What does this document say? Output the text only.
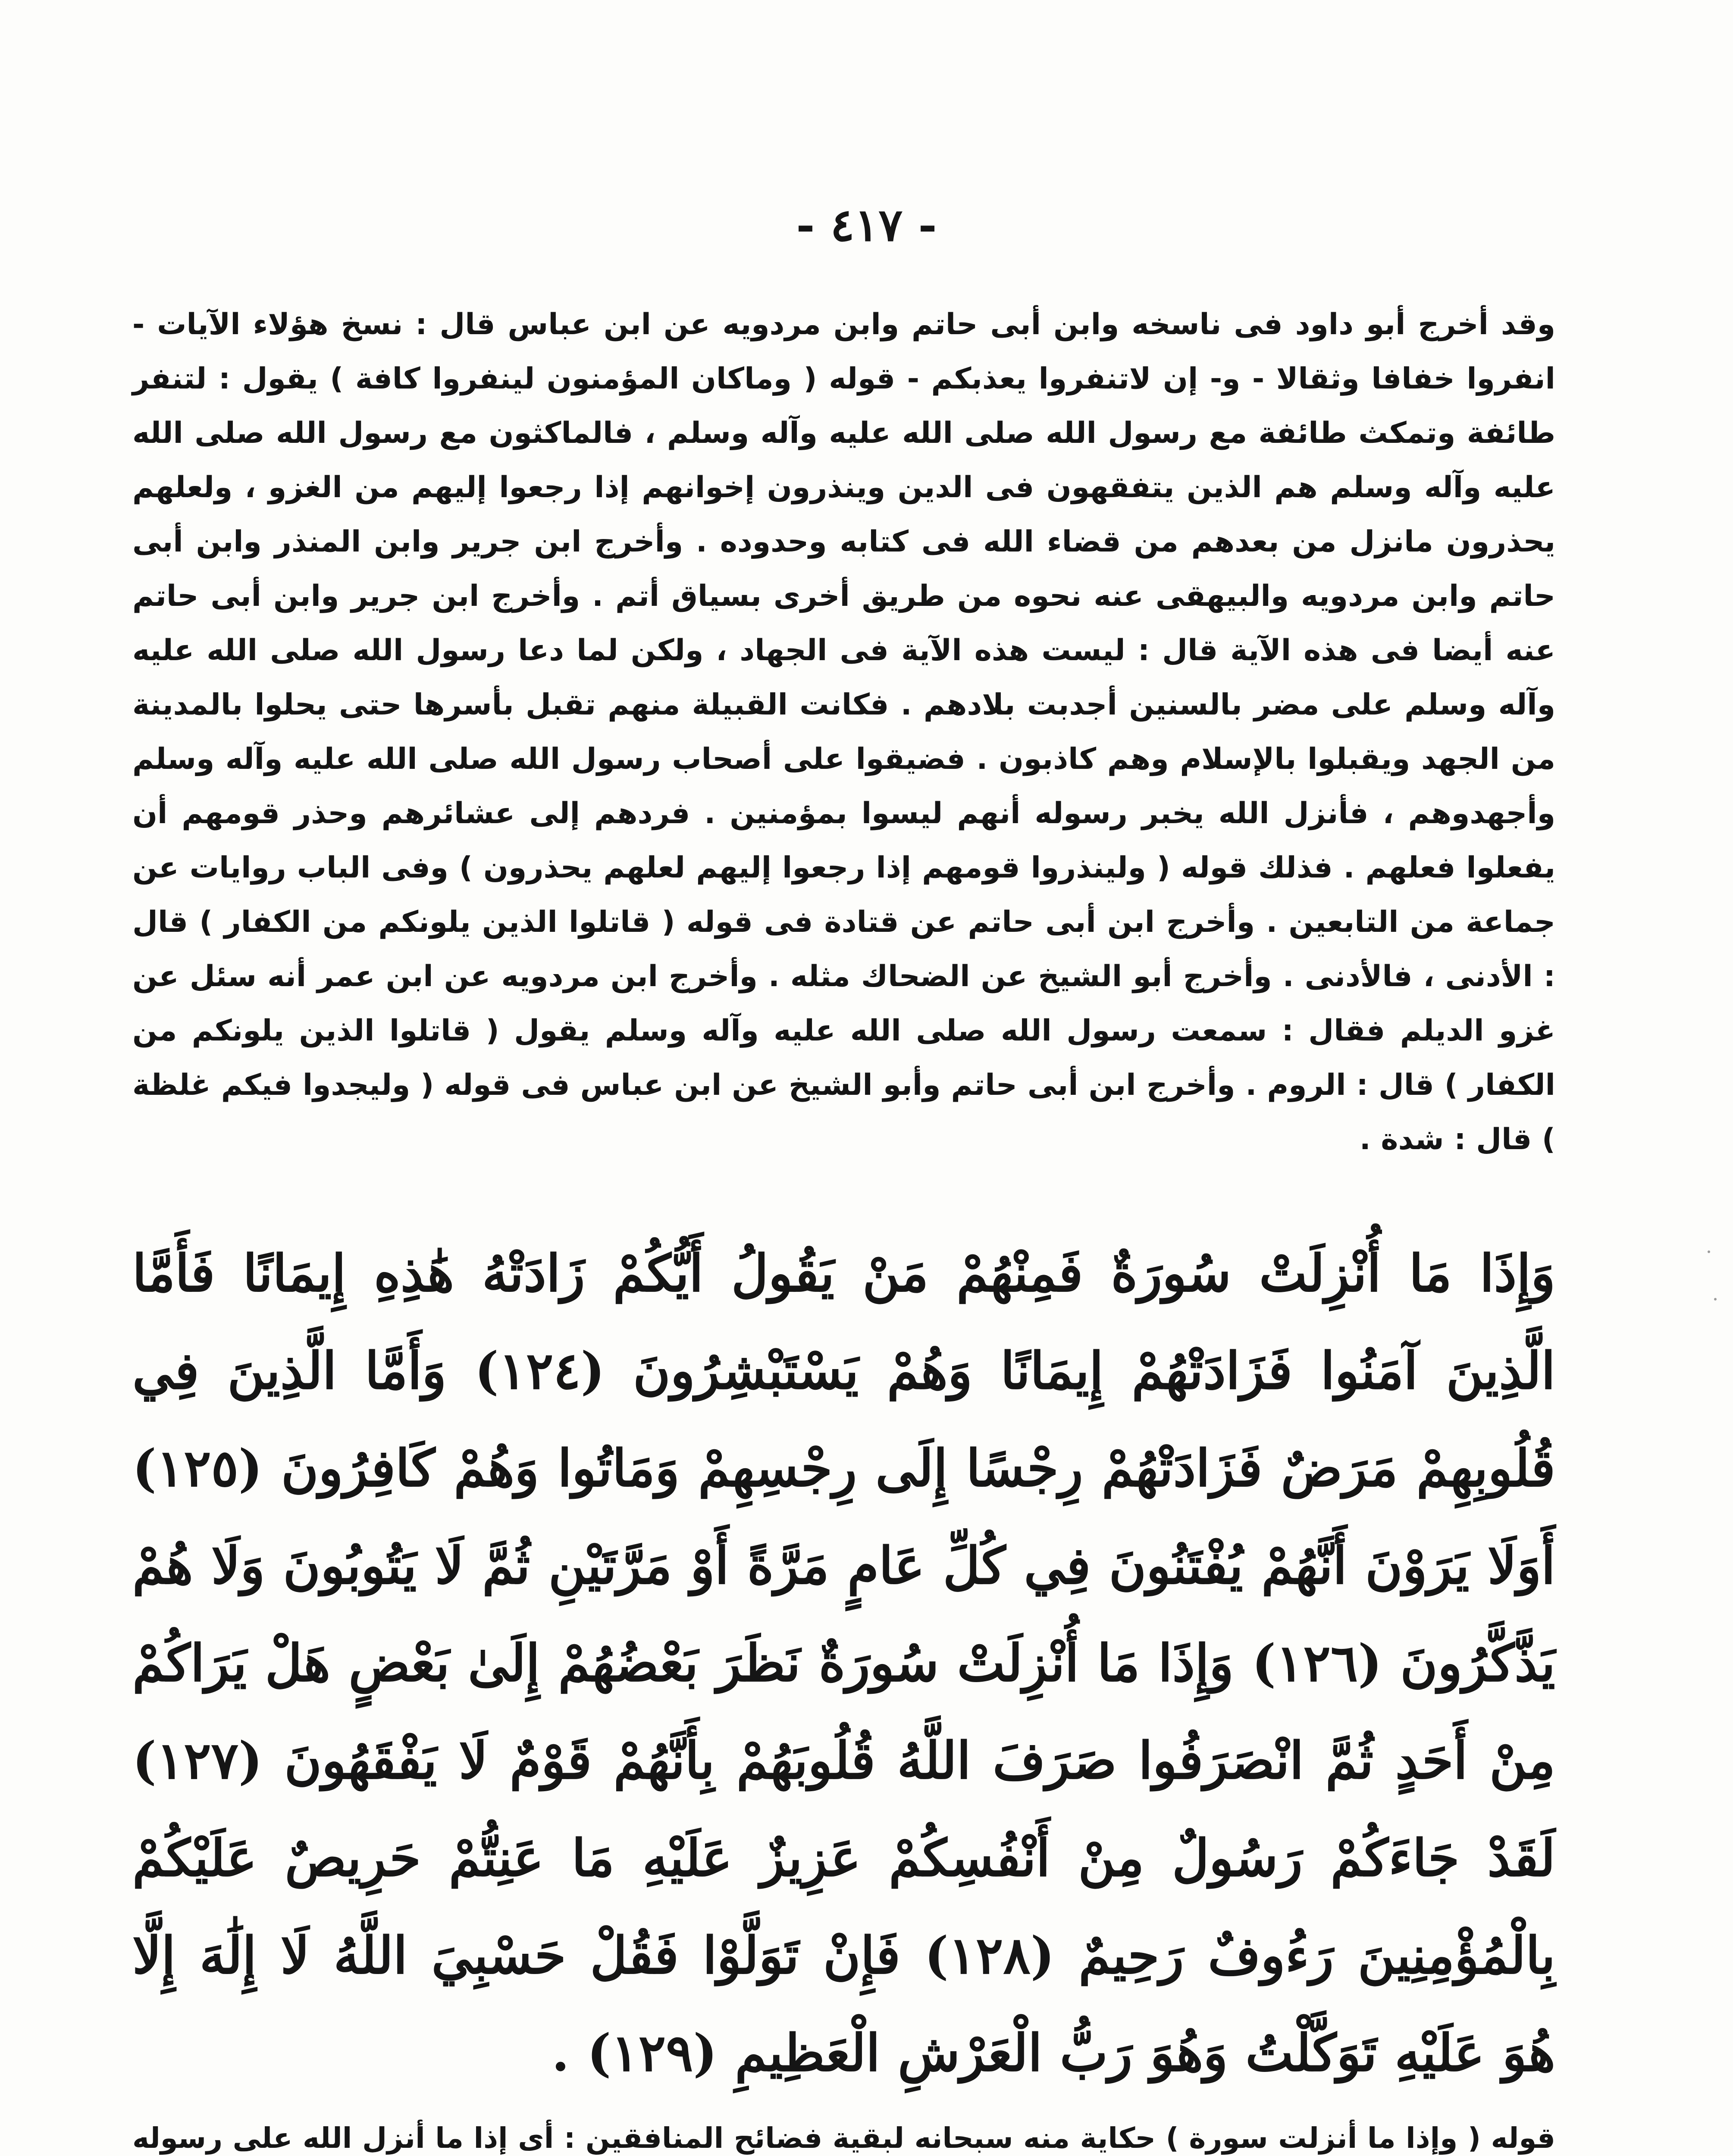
- ٤١٧ -

وقد أخرج أبو داود فى ناسخه وابن أبى حاتم وابن مردويه عن ابن عباس قال : نسخ هؤلاء الآيات - انفروا خفافا وثقالا - و- إن لاتنفروا يعذبكم - قوله ( وماكان المؤمنون لينفروا كافة ) يقول : لتنفر طائفة وتمكث طائفة مع رسول الله صلى الله عليه وآله وسلم ، فالماكثون مع رسول الله صلى الله عليه وآله وسلم هم الذين يتفقهون فى الدين وينذرون إخوانهم إذا رجعوا إليهم من الغزو ، ولعلهم يحذرون مانزل من بعدهم من قضاء الله فى كتابه وحدوده . وأخرج ابن جرير وابن المنذر وابن أبى حاتم وابن مردويه والبيهقى عنه نحوه من طريق أخرى بسياق أتم . وأخرج ابن جرير وابن أبى حاتم عنه أيضا فى هذه الآية قال : ليست هذه الآية فى الجهاد ، ولكن لما دعا رسول الله صلى الله عليه وآله وسلم على مضر بالسنين أجدبت بلادهم . فكانت القبيلة منهم تقبل بأسرها حتى يحلوا بالمدينة من الجهد ويقبلوا بالإسلام وهم كاذبون . فضيقوا على أصحاب رسول الله صلى الله عليه وآله وسلم وأجهدوهم ، فأنزل الله يخبر رسوله أنهم ليسوا بمؤمنين . فردهم إلى عشائرهم وحذر قومهم أن يفعلوا فعلهم . فذلك قوله ( ولينذروا قومهم إذا رجعوا إليهم لعلهم يحذرون ) وفى الباب روايات عن جماعة من التابعين . وأخرج ابن أبى حاتم عن قتادة فى قوله ( قاتلوا الذين يلونكم من الكفار ) قال : الأدنى ، فالأدنى . وأخرج أبو الشيخ عن الضحاك مثله . وأخرج ابن مردويه عن ابن عمر أنه سئل عن غزو الديلم فقال : سمعت رسول الله صلى الله عليه وآله وسلم يقول ( قاتلوا الذين يلونكم من الكفار ) قال : الروم . وأخرج ابن أبى حاتم وأبو الشيخ عن ابن عباس فى قوله ( وليجدوا فيكم غلظة ) قال : شدة .

وَإِذَا مَا أُنْزِلَتْ سُورَةٌ فَمِنْهُمْ مَنْ يَقُولُ أَيُّكُمْ زَادَتْهُ هَٰذِهِ إِيمَانًا فَأَمَّا الَّذِينَ آمَنُوا فَزَادَتْهُمْ إِيمَانًا وَهُمْ يَسْتَبْشِرُونَ (١٢٤) وَأَمَّا الَّذِينَ فِي قُلُوبِهِمْ مَرَضٌ فَزَادَتْهُمْ رِجْسًا إِلَى رِجْسِهِمْ وَمَاتُوا وَهُمْ كَافِرُونَ (١٢٥) أَوَلَا يَرَوْنَ أَنَّهُمْ يُفْتَنُونَ فِي كُلِّ عَامٍ مَرَّةً أَوْ مَرَّتَيْنِ ثُمَّ لَا يَتُوبُونَ وَلَا هُمْ يَذَّكَّرُونَ (١٢٦) وَإِذَا مَا أُنْزِلَتْ سُورَةٌ نَظَرَ بَعْضُهُمْ إِلَىٰ بَعْضٍ هَلْ يَرَاكُمْ مِنْ أَحَدٍ ثُمَّ انْصَرَفُوا صَرَفَ اللَّهُ قُلُوبَهُمْ بِأَنَّهُمْ قَوْمٌ لَا يَفْقَهُونَ (١٢٧) لَقَدْ جَاءَكُمْ رَسُولٌ مِنْ أَنْفُسِكُمْ عَزِيزٌ عَلَيْهِ مَا عَنِتُّمْ حَرِيصٌ عَلَيْكُمْ بِالْمُؤْمِنِينَ رَءُوفٌ رَحِيمٌ (١٢٨) فَإِنْ تَوَلَّوْا فَقُلْ حَسْبِيَ اللَّهُ لَا إِلَٰهَ إِلَّا هُوَ عَلَيْهِ تَوَكَّلْتُ وَهُوَ رَبُّ الْعَرْشِ الْعَظِيمِ (١٢٩) .

قوله ( وإذا ما أنزلت سورة ) حكاية منه سبحانه لبقية فضائح المنافقين : أى إذا ما أنزل الله على رسوله
